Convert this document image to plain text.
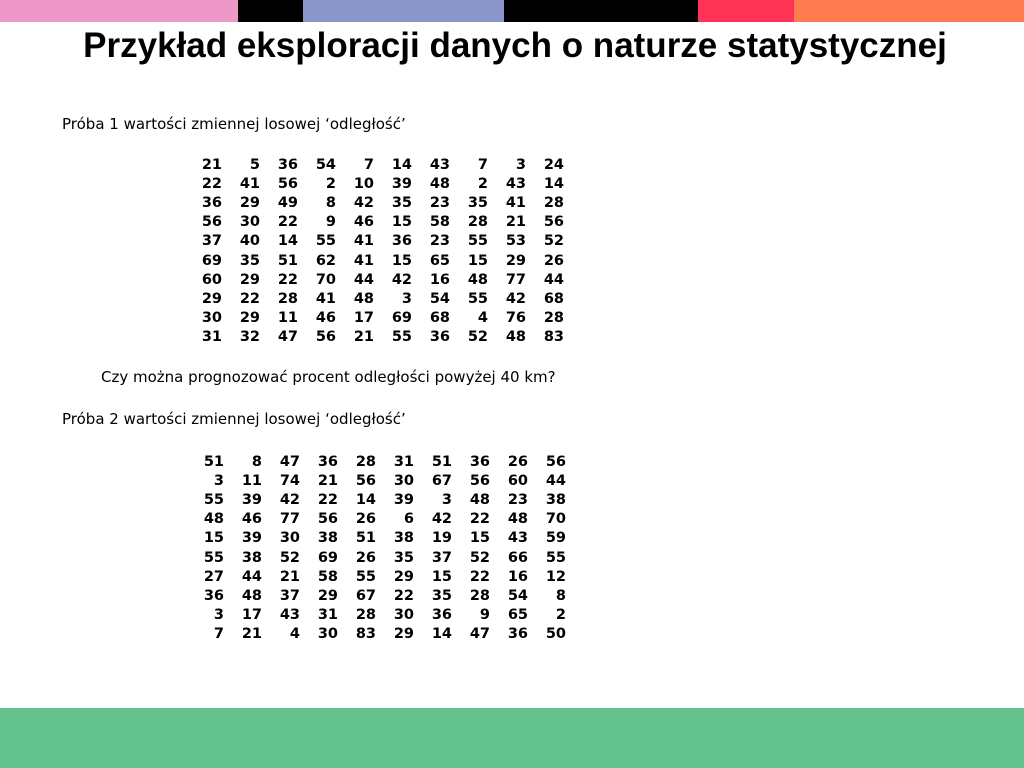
Przykład eksploracji danych o naturze statystycznej
Próba 1 wartości zmiennej losowej ‘odległość’
21	5	36	54	7	14	43	7	3	24
22	41	56	2	10	39	48	2	43	14
36	29	49	8	42	35	23	35	41	28
56	30	22	9	46	15	58	28	21	56
37	40	14	55	41	36	23	55	53	52
69	35	51	62	41	15	65	15	29	26
60	29	22	70	44	42	16	48	77	44
29	22	28	41	48	3	54	55	42	68
30	29	11	46	17	69	68	4	76	28
31	32	47	56	21	55	36	52	48	83
Czy można prognozować procent odległości powyżej 40 km?
Próba 2 wartości zmiennej losowej ‘odległość’
51	8	47	36	28	31	51	36	26	56
3	11	74	21	56	30	67	56	60	44
55	39	42	22	14	39	3	48	23	38
48	46	77	56	26	6	42	22	48	70
15	39	30	38	51	38	19	15	43	59
55	38	52	69	26	35	37	52	66	55
27	44	21	58	55	29	15	22	16	12
36	48	37	29	67	22	35	28	54	8
3	17	43	31	28	30	36	9	65	2
7	21	4	30	83	29	14	47	36	50
